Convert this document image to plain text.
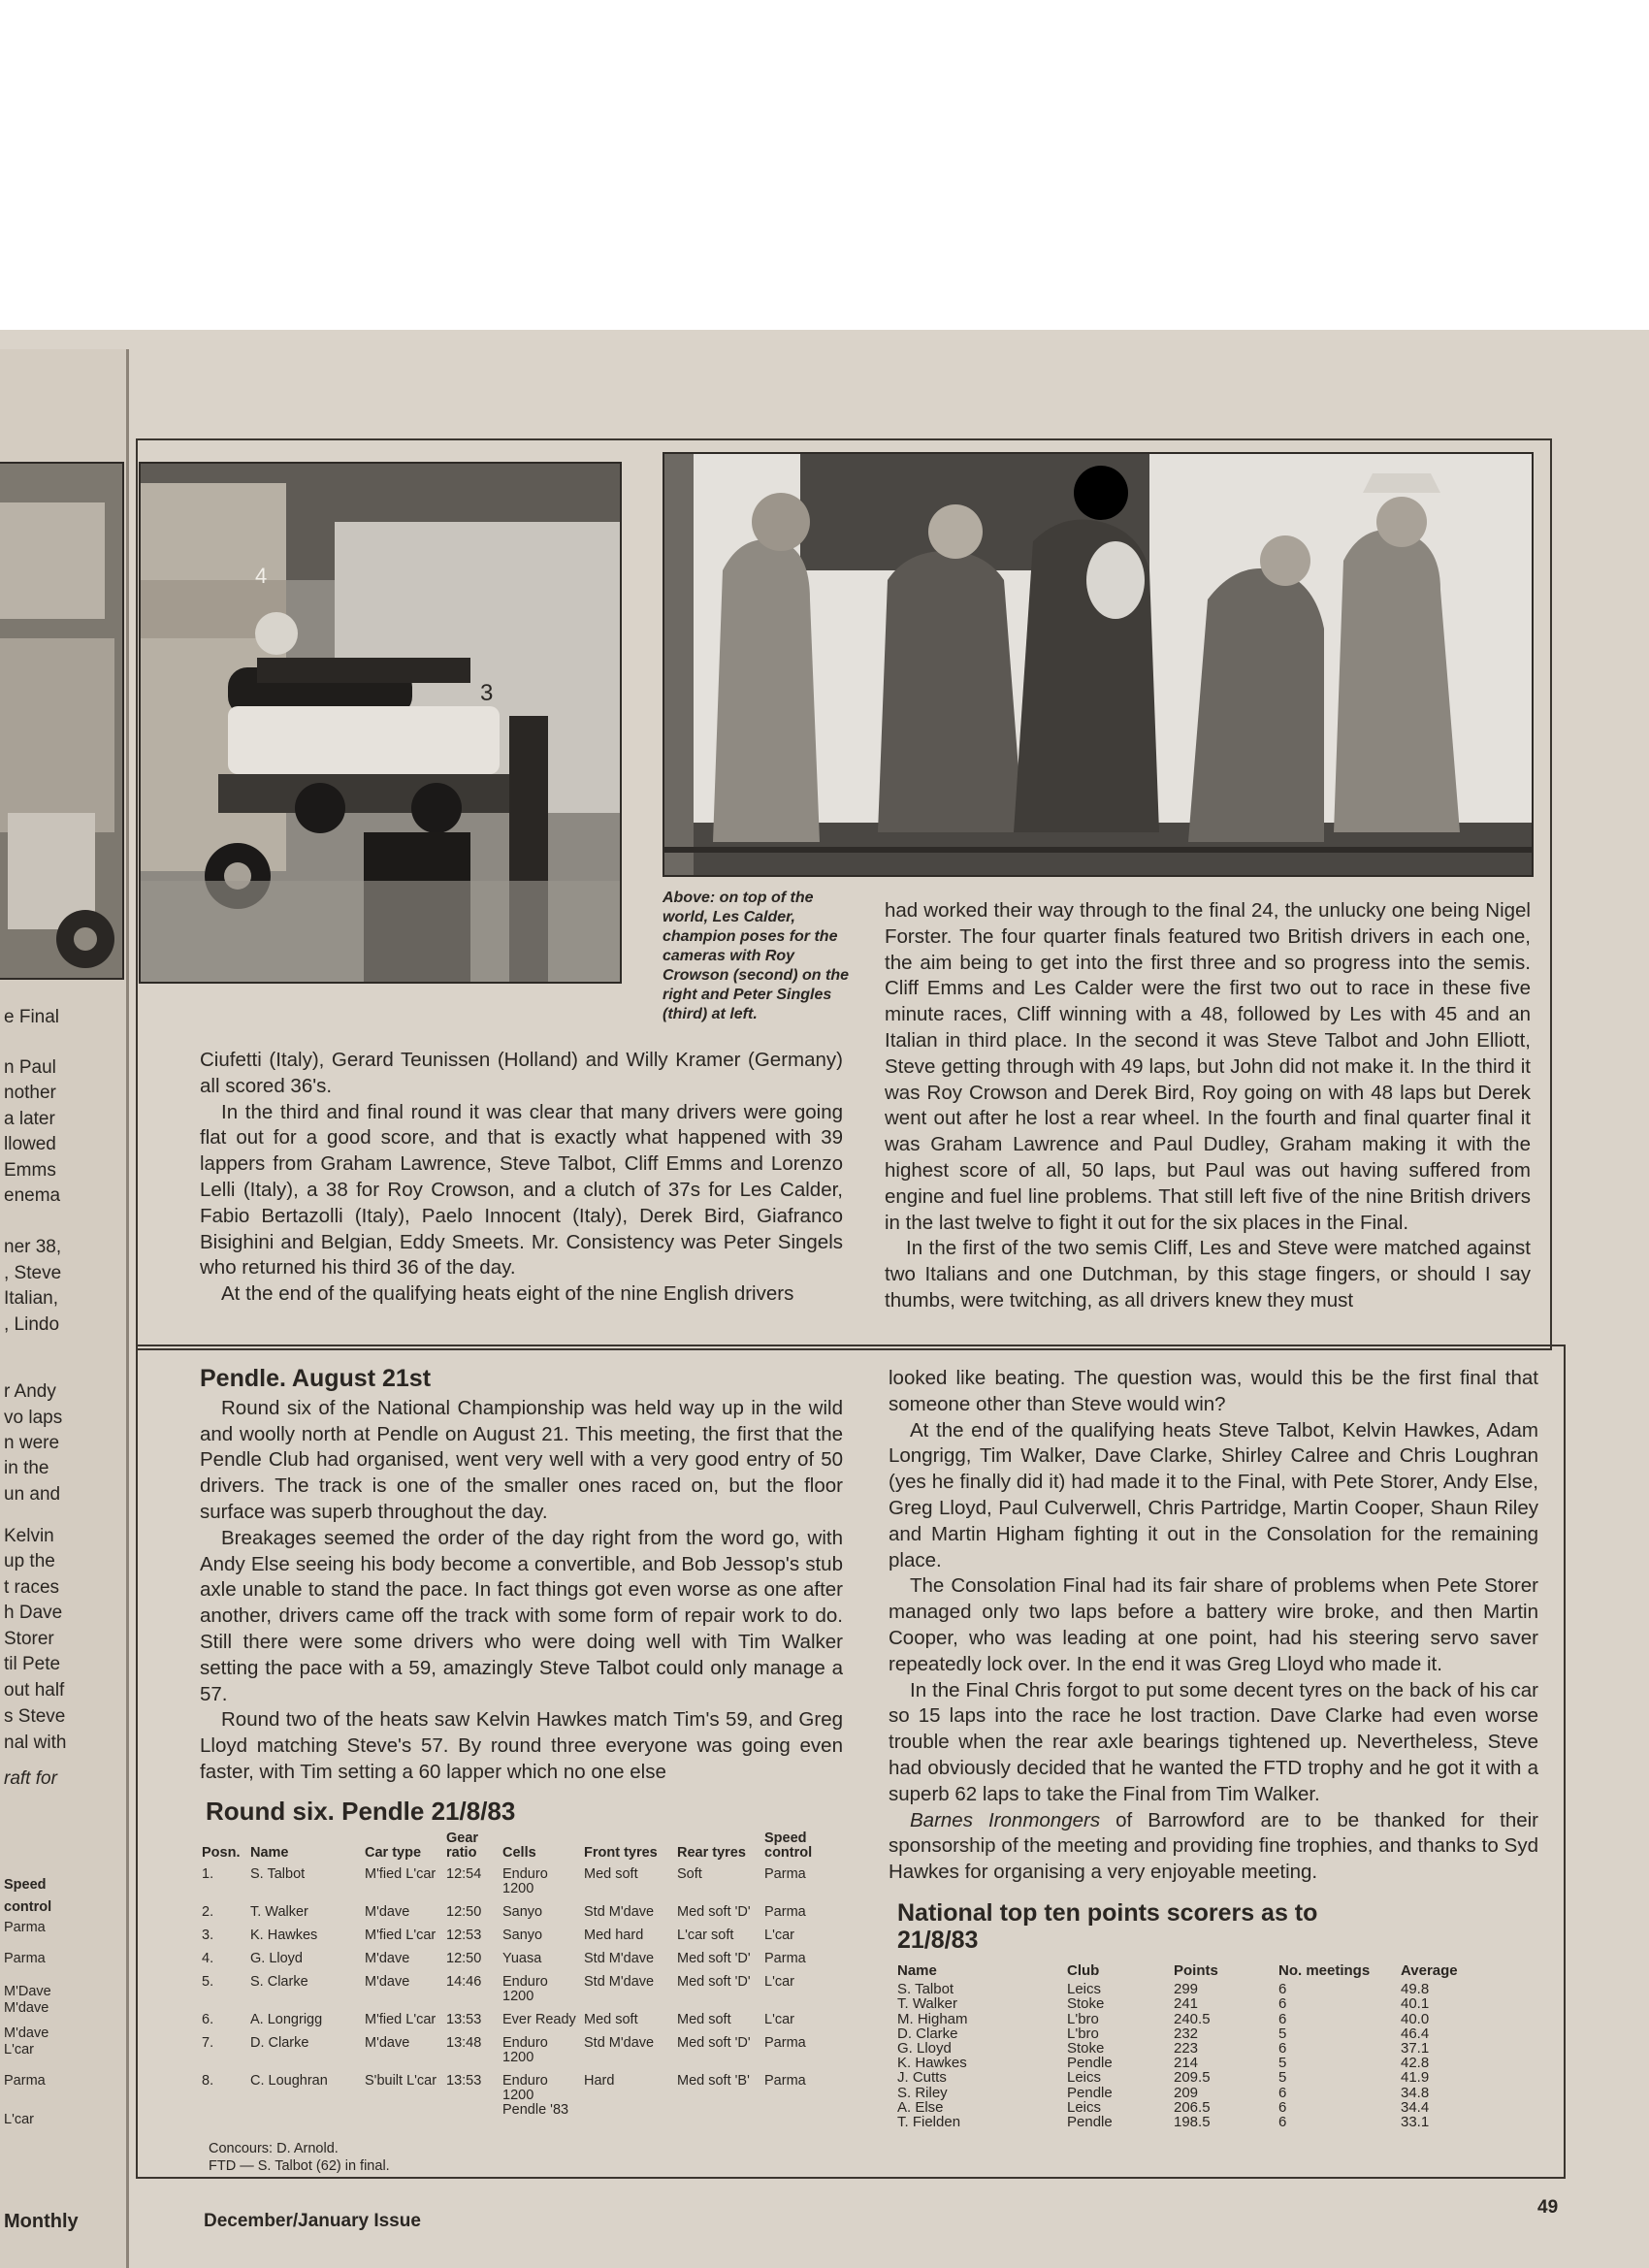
e Final
n Paul
nother
a later
llowed
Emms
enema
ner 38,
, Steve
Italian,
, Lindo
r Andy
vo laps
n were
in the
un and
Kelvin
up the
t races
h Dave
Storer
til Pete
out half
s Steve
nal with
raft for
Speed
control
Parma
Parma
M'Dave
M'dave
M'dave
L'car
Parma
L'car
Monthly
4
3
Above: on top of the world, Les Calder, champion poses for the cameras with Roy Crowson (second) on the right and Peter Singles (third) at left.

Ciufetti (Italy), Gerard Teunissen (Holland) and Willy Kramer (Germany) all scored 36's.

In the third and final round it was clear that many drivers were going flat out for a good score, and that is exactly what happened with 39 lappers from Graham Lawrence, Steve Talbot, Cliff Emms and Lorenzo Lelli (Italy), a 38 for Roy Crowson, and a clutch of 37s for Les Calder, Fabio Bertazolli (Italy), Paelo Innocent (Italy), Derek Bird, Giafranco Bisighini and Belgian, Eddy Smeets. Mr. Consistency was Peter Singels who returned his third 36 of the day.

At the end of the qualifying heats eight of the nine English drivers

had worked their way through to the final 24, the unlucky one being Nigel Forster. The four quarter finals featured two British drivers in each one, the aim being to get into the first three and so progress into the semis. Cliff Emms and Les Calder were the first two out to race in these five minute races, Cliff winning with a 48, followed by Les with 45 and an Italian in third place. In the second it was Steve Talbot and John Elliott, Steve getting through with 49 laps, but John did not make it. In the third it was Roy Crowson and Derek Bird, Roy going on with 48 laps but Derek went out after he lost a rear wheel. In the fourth and final quarter final it was Graham Lawrence and Paul Dudley, Graham making it with the highest score of all, 50 laps, but Paul was out having suffered from engine and fuel line problems. That still left five of the nine British drivers in the last twelve to fight it out for the six places in the Final.

In the first of the two semis Cliff, Les and Steve were matched against two Italians and one Dutchman, by this stage fingers, or should I say thumbs, were twitching, as all drivers knew they must

Pendle. August 21st

Round six of the National Championship was held way up in the wild and woolly north at Pendle on August 21. This meeting, the first that the Pendle Club had organised, went very well with a very good entry of 50 drivers. The track is one of the smaller ones raced on, but the floor surface was superb throughout the day.

Breakages seemed the order of the day right from the word go, with Andy Else seeing his body become a convertible, and Bob Jessop's stub axle unable to stand the pace. In fact things got even worse as one after another, drivers came off the track with some form of repair work to do. Still there were some drivers who were doing well with Tim Walker setting the pace with a 59, amazingly Steve Talbot could only manage a 57.

Round two of the heats saw Kelvin Hawkes match Tim's 59, and Greg Lloyd matching Steve's 57. By round three everyone was going even faster, with Tim setting a 60 lapper which no one else

looked like beating. The question was, would this be the first final that someone other than Steve would win?

At the end of the qualifying heats Steve Talbot, Kelvin Hawkes, Adam Longrigg, Tim Walker, Dave Clarke, Shirley Calree and Chris Loughran (yes he finally did it) had made it to the Final, with Pete Storer, Andy Else, Greg Lloyd, Paul Culverwell, Chris Partridge, Martin Cooper, Shaun Riley and Martin Higham fighting it out in the Consolation for the remaining place.

The Consolation Final had its fair share of problems when Pete Storer managed only two laps before a battery wire broke, and then Martin Cooper, who was leading at one point, had his steering servo saver repeatedly lock over. In the end it was Greg Lloyd who made it.

In the Final Chris forgot to put some decent tyres on the back of his car so 15 laps into the race he lost traction. Dave Clarke had even worse trouble when the rear axle bearings tightened up. Nevertheless, Steve had obviously decided that he wanted the FTD trophy and he got it with a superb 62 laps to take the Final from Tim Walker.

Barnes Ironmongers of Barrowford are to be thanked for their sponsorship of the meeting and providing fine trophies, and thanks to Syd Hawkes for organising a very enjoyable meeting.

Round six. Pendle 21/8/83
Posn.	Name	Car type	Gear ratio	Cells	Front tyres	Rear tyres	Speed control
1.	S. Talbot	M'fied L'car	12:54	Enduro 1200	Med soft	Soft	Parma
2.	T. Walker	M'dave	12:50	Sanyo	Std M'dave	Med soft 'D'	Parma
3.	K. Hawkes	M'fied L'car	12:53	Sanyo	Med hard	L'car soft	L'car
4.	G. Lloyd	M'dave	12:50	Yuasa	Std M'dave	Med soft 'D'	Parma
5.	S. Clarke	M'dave	14:46	Enduro 1200	Std M'dave	Med soft 'D'	L'car
6.	A. Longrigg	M'fied L'car	13:53	Ever Ready	Med soft	Med soft	L'car
7.	D. Clarke	M'dave	13:48	Enduro 1200	Std M'dave	Med soft 'D'	Parma
8.	C. Loughran	S'built L'car	13:53	Enduro 1200 Pendle '83	Hard	Med soft 'B'	Parma
Concours: D. Arnold.
FTD — S. Talbot (62) in final.
National top ten points scorers as to 21/8/83
Name	Club	Points	No. meetings	Average
S. Talbot	Leics	299	6	49.8
T. Walker	Stoke	241	6	40.1
M. Higham	L'bro	240.5	6	40.0
D. Clarke	L'bro	232	5	46.4
G. Lloyd	Stoke	223	6	37.1
K. Hawkes	Pendle	214	5	42.8
J. Cutts	Leics	209.5	5	41.9
S. Riley	Pendle	209	6	34.8
A. Else	Leics	206.5	6	34.4
T. Fielden	Pendle	198.5	6	33.1
December/January Issue
49
